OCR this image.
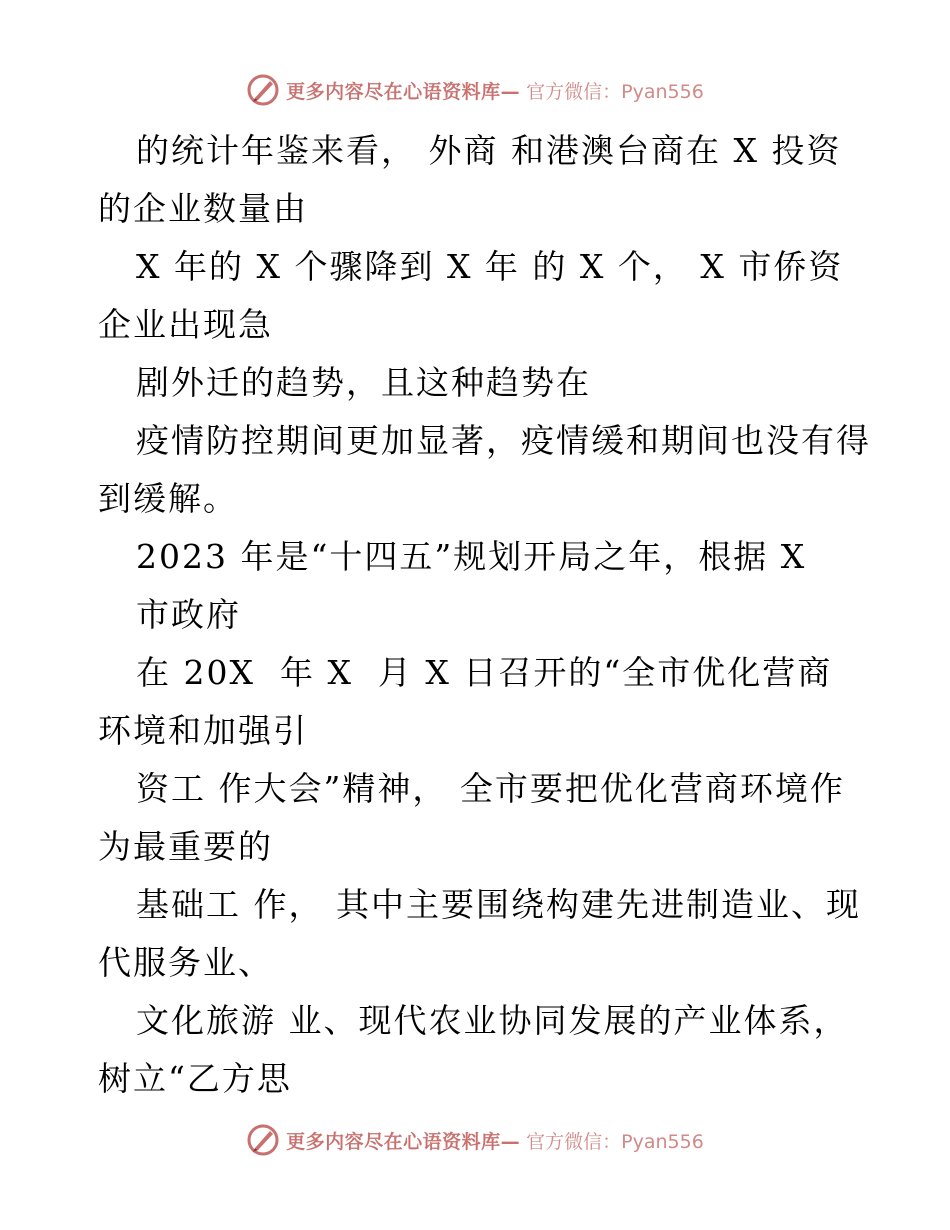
更多内容尽在心语资料库— 官方微信：Pyan556
的统计年鉴来看， 外商 和港澳台商在 X 投资
的企业数量由
X 年的 X 个骤降到 X 年 的 X 个， X 市侨资
企业出现急
剧外迁的趋势，且这种趋势在
疫情防控期间更加显著，疫情缓和期间也没有得
到缓解。
2023 年是“十四五”规划开局之年，根据 X
市政府
在 20X  年 X  月 X 日召开的“全市优化营商
环境和加强引
资工 作大会”精神， 全市要把优化营商环境作
为最重要的
基础工 作， 其中主要围绕构建先进制造业、现
代服务业、
文化旅游 业、现代农业协同发展的产业体系，
树立“乙方思
更多内容尽在心语资料库— 官方微信：Pyan556
